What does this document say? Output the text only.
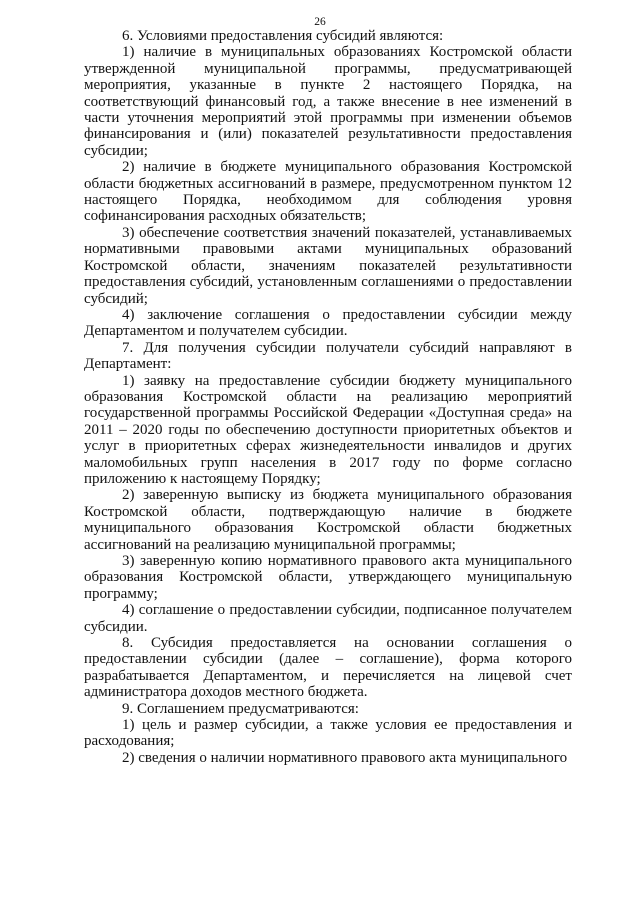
26

6. Условиями предоставления субсидий являются:

1) наличие в муниципальных образованиях Костромской области утвержденной муниципальной программы, предусматривающей мероприятия, указанные в пункте 2 настоящего Порядка, на соответствующий финансовый год, а также внесение в нее изменений в части уточнения мероприятий этой программы при изменении объемов финансирования и (или) показателей результативности предоставления субсидии;

2) наличие в бюджете муниципального образования Костромской области бюджетных ассигнований в размере, предусмотренном пунктом 12 настоящего Порядка, необходимом для соблюдения уровня софинансирования расходных обязательств;

3) обеспечение соответствия значений показателей, устанавливаемых нормативными правовыми актами муниципальных образований Костромской области, значениям показателей результативности предоставления субсидий, установленным соглашениями о предоставлении субсидий;

4) заключение соглашения о предоставлении субсидии между Департаментом и получателем субсидии.

7. Для получения субсидии получатели субсидий направляют в Департамент:

1) заявку на предоставление субсидии бюджету муниципального образования Костромской области на реализацию мероприятий государственной программы Российской Федерации «Доступная среда» на 2011 – 2020 годы по обеспечению доступности приоритетных объектов и услуг в приоритетных сферах жизнедеятельности инвалидов и других маломобильных групп населения в 2017 году по форме согласно приложению к настоящему Порядку;

2) заверенную выписку из бюджета муниципального образования Костромской области, подтверждающую наличие в бюджете муниципального образования Костромской области бюджетных ассигнований на реализацию муниципальной программы;

3) заверенную копию нормативного правового акта муниципального образования Костромской области, утверждающего муниципальную программу;

4) соглашение о предоставлении субсидии, подписанное получателем субсидии.

8. Субсидия предоставляется на основании соглашения о предоставлении субсидии (далее – соглашение), форма которого разрабатывается Департаментом, и перечисляется на лицевой счет администратора доходов местного бюджета.

9. Соглашением предусматриваются:

1) цель и размер субсидии, а также условия ее предоставления и расходования;

2) сведения о наличии нормативного правового акта муниципального
